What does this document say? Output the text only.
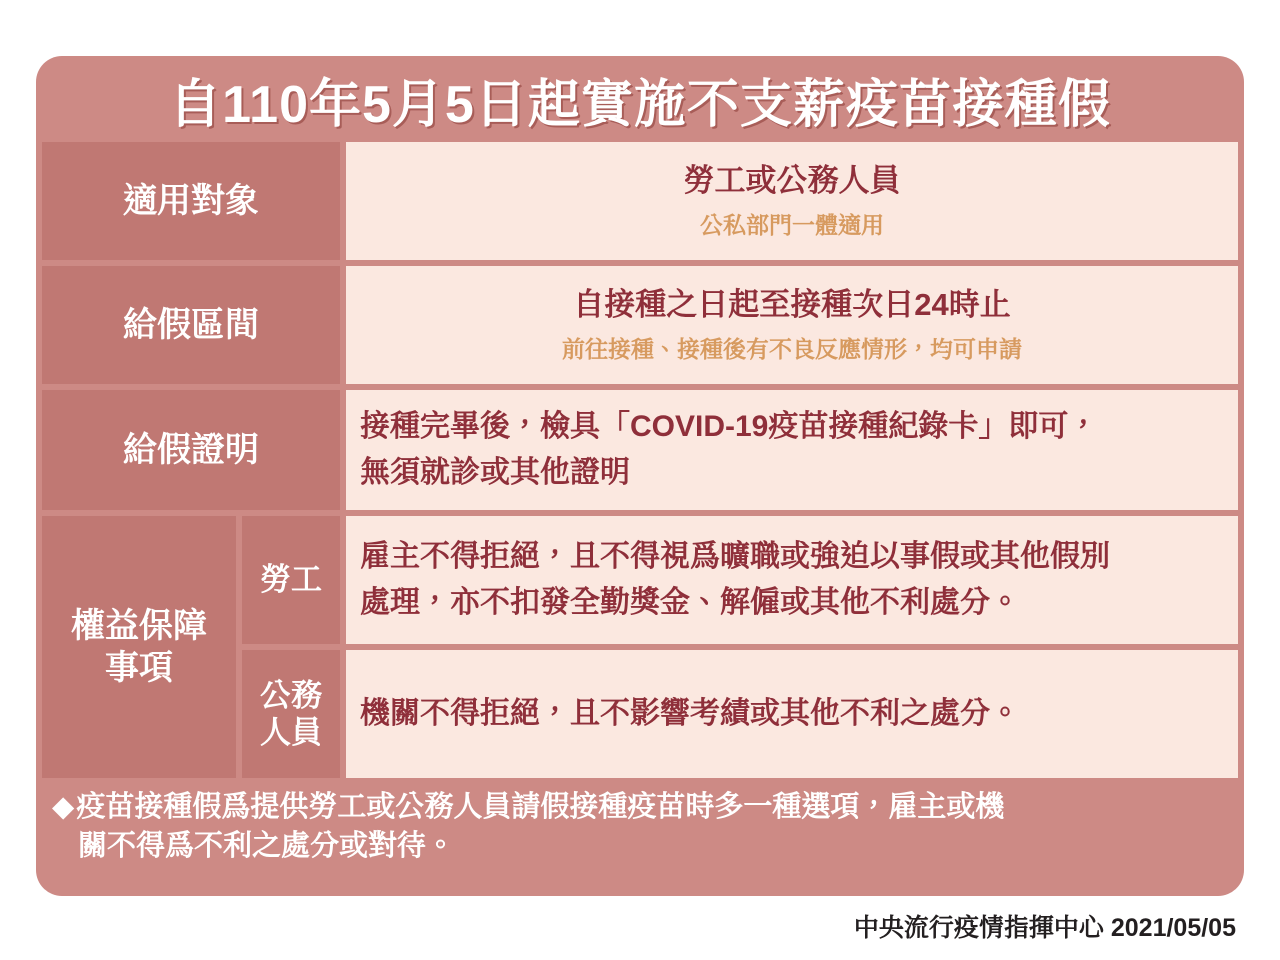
自110年5月5日起實施不支薪疫苗接種假
適用對象
勞工或公務人員
公私部門一體適用
給假區間
自接種之日起至接種次日24時止
前往接種、接種後有不良反應情形，均可申請
給假證明
接種完畢後，檢具「COVID-19疫苗接種紀錄卡」即可，
無須就診或其他證明
權益保障
事項
勞工
雇主不得拒絕，且不得視爲曠職或強迫以事假或其他假別
處理，亦不扣發全勤獎金、解僱或其他不利處分。
公務
人員
機關不得拒絕，且不影響考績或其他不利之處分。
◆疫苗接種假爲提供勞工或公務人員請假接種疫苗時多一種選項，雇主或機
關不得爲不利之處分或對待。
中央流行疫情指揮中心 2021/05/05
